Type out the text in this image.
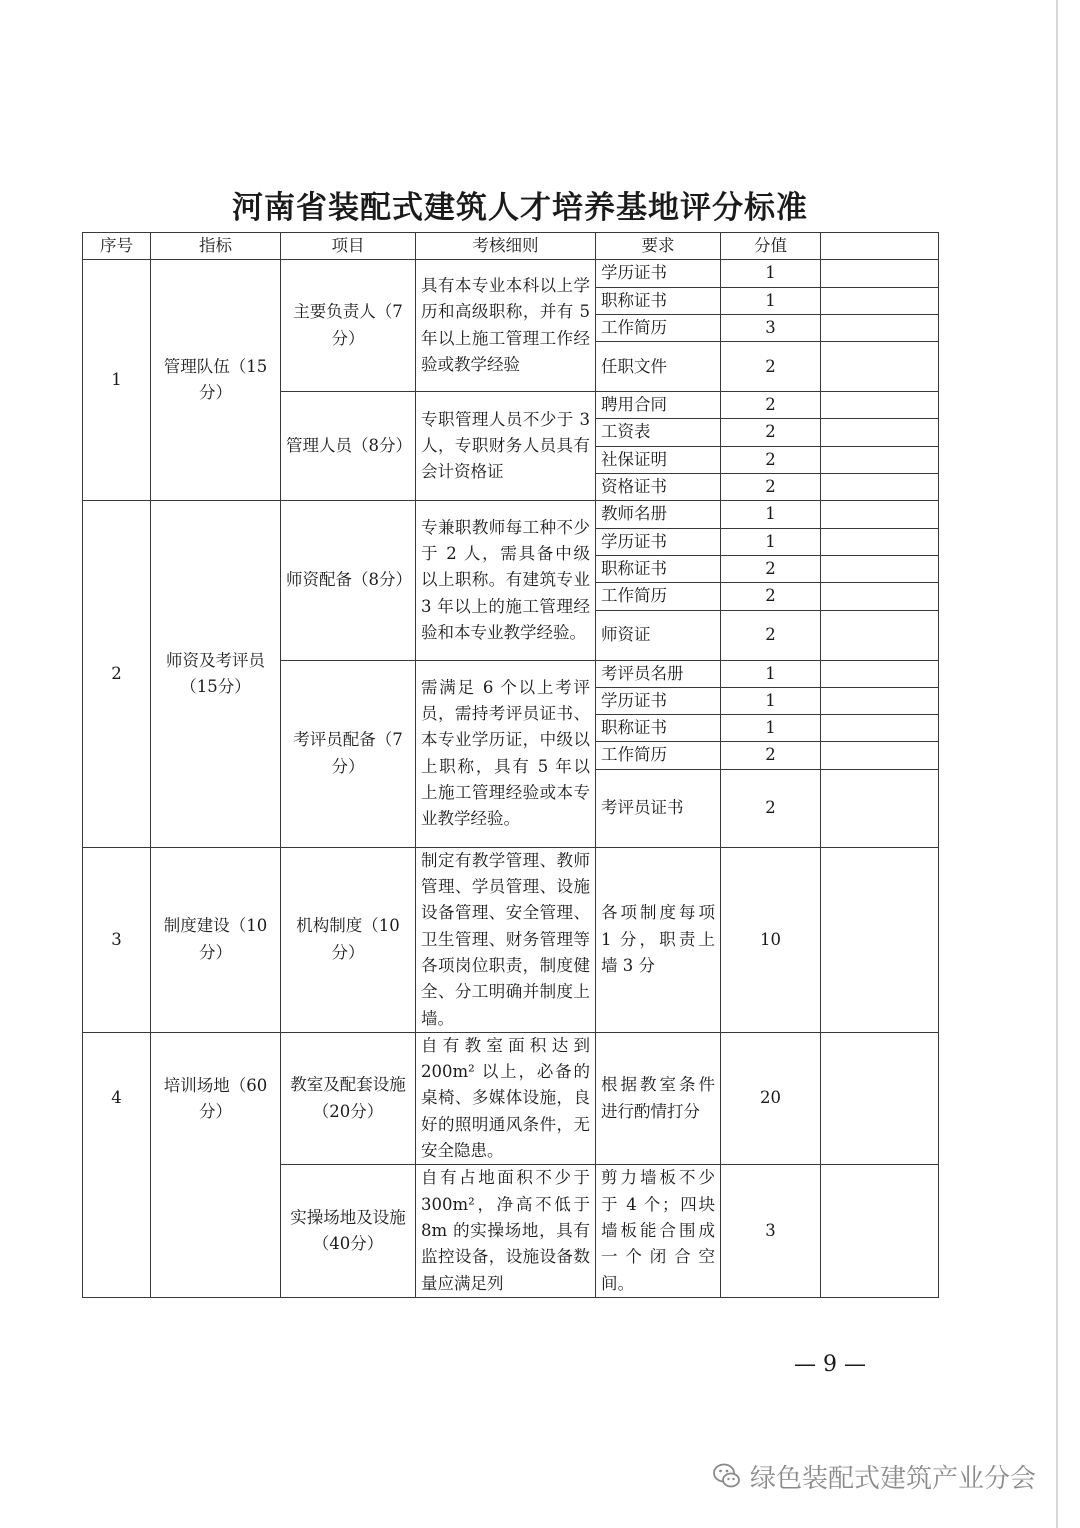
河南省装配式建筑人才培养基地评分标准
序号	指标	项目	考核细则	要求	分值	
1	管理队伍（15分）	主要负责人（7分）	具有本专业本科以上学历和高级职称，并有 5 年以上施工管理工作经验或教学经验	学历证书	1	
				职称证书	1	
				工作简历	3	
				任职文件	2	
		管理人员（8分）	专职管理人员不少于 3 人，专职财务人员具有会计资格证	聘用合同	2	
				工资表	2	
				社保证明	2	
				资格证书	2	
2	师资及考评员（15分）	师资配备（8分）	专兼职教师每工种不少于 2 人，需具备中级以上职称。有建筑专业 3 年以上的施工管理经验和本专业教学经验。	教师名册	1	
				学历证书	1	
				职称证书	2	
				工作简历	2	
				师资证	2	
		考评员配备（7分）	需满足 6 个以上考评员，需持考评员证书、本专业学历证，中级以上职称，具有 5 年以上施工管理经验或本专业教学经验。	考评员名册	1	
				学历证书	1	
				职称证书	1	
				工作简历	2	
				考评员证书	2	
3	制度建设（10分）	机构制度（10分）	制定有教学管理、教师管理、学员管理、设施设备管理、安全管理、卫生管理、财务管理等各项岗位职责，制度健全、分工明确并制度上墙。	各项制度每项 1 分，职责上墙 3 分	10	
4	培训场地（60分）	教室及配套设施（20分）	自有教室面积达到 200m² 以上，必备的桌椅、多媒体设施，良好的照明通风条件，无安全隐患。	根据教室条件进行酌情打分	20	
		实操场地及设施（40分）	自有占地面积不少于 300m²，净高不低于 8m 的实操场地，具有监控设备，设施设备数量应满足列	剪力墙板不少于 4 个；四块墙板能合围成一个闭合空间。	3	
— 9 —
绿色装配式建筑产业分会
